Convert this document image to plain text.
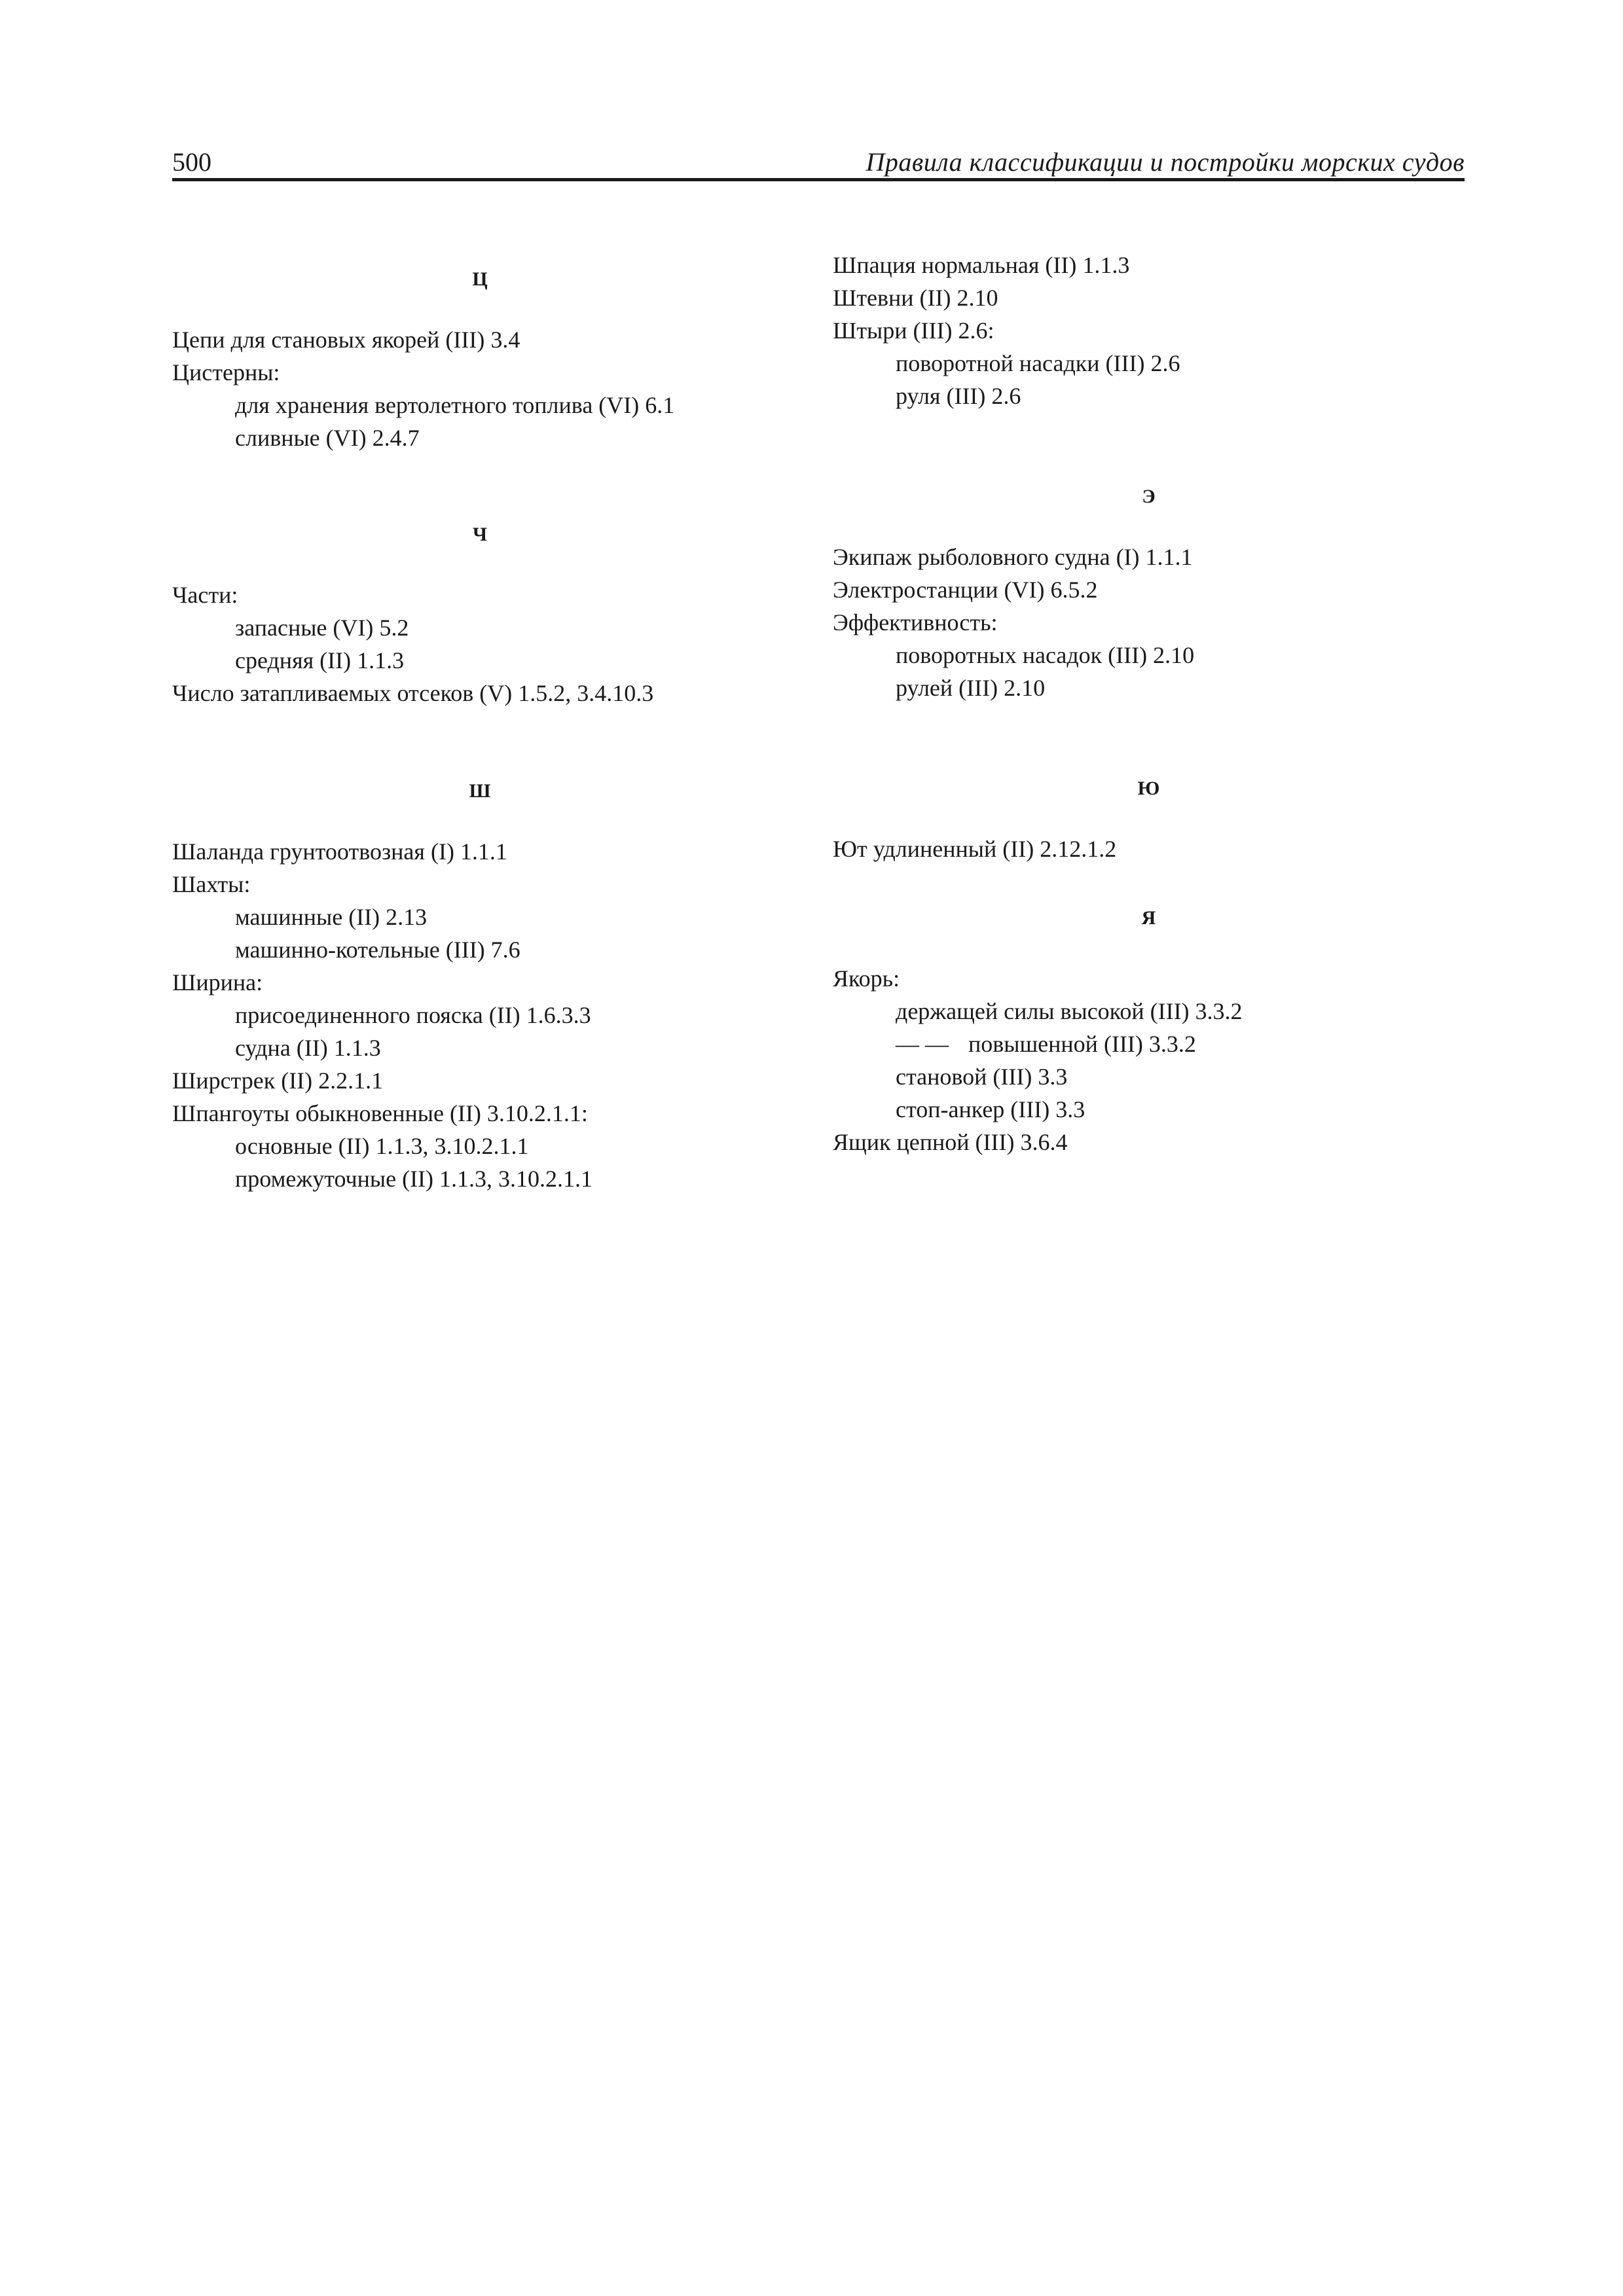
500	Правила классификации и постройки морских судов
Ц
Цепи для становых якорей (III) 3.4
Цистерны:
для хранения вертолетного топлива (VI) 6.1
сливные (VI) 2.4.7
Ч
Части:
запасные (VI) 5.2
средняя (II) 1.1.3
Число затапливаемых отсеков (V) 1.5.2, 3.4.10.3
Ш
Шаланда грунтоотвозная (I) 1.1.1
Шахты:
машинные (II) 2.13
машинно-котельные (III) 7.6
Ширина:
присоединенного пояска (II) 1.6.3.3
судна (II) 1.1.3
Ширстрек (II) 2.2.1.1
Шпангоуты обыкновенные (II) 3.10.2.1.1:
основные (II) 1.1.3, 3.10.2.1.1
промежуточные (II) 1.1.3, 3.10.2.1.1
Шпация нормальная (II) 1.1.3
Штевни (II) 2.10
Штыри (III) 2.6:
поворотной насадки (III) 2.6
руля (III) 2.6
Э
Экипаж рыболовного судна (I) 1.1.1
Электростанции (VI) 6.5.2
Эффективность:
поворотных насадок (III) 2.10
рулей (III) 2.10
Ю
Ют удлиненный (II) 2.12.1.2
Я
Якорь:
держащей силы высокой (III) 3.3.2
— — повышенной (III) 3.3.2
становой (III) 3.3
стоп-анкер (III) 3.3
Ящик цепной (III) 3.6.4
